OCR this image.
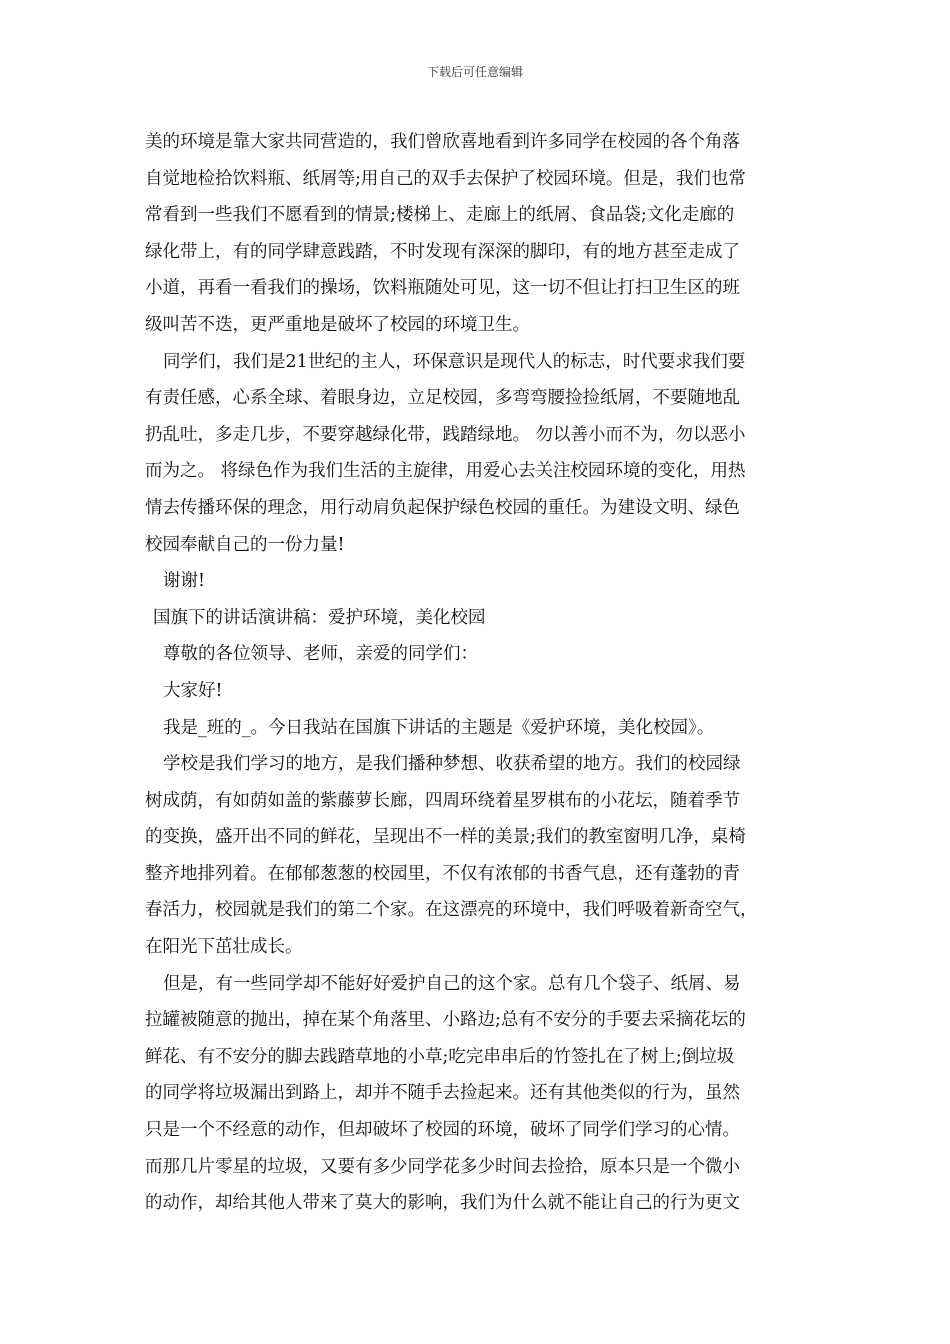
下载后可任意编辑
美的环境是靠大家共同营造的，我们曾欣喜地看到许多同学在校园的各个角落
自觉地检拾饮料瓶、纸屑等;用自己的双手去保护了校园环境。但是，我们也常
常看到一些我们不愿看到的情景;楼梯上、走廊上的纸屑、食品袋;文化走廊的
绿化带上，有的同学肆意践踏，不时发现有深深的脚印，有的地方甚至走成了
小道，再看一看我们的操场，饮料瓶随处可见，这一切不但让打扫卫生区的班
级叫苦不迭，更严重地是破坏了校园的环境卫生。
同学们，我们是21世纪的主人，环保意识是现代人的标志，时代要求我们要
有责任感，心系全球、着眼身边，立足校园，多弯弯腰捡捡纸屑，不要随地乱
扔乱吐，多走几步，不要穿越绿化带，践踏绿地。 勿以善小而不为，勿以恶小
而为之。 将绿色作为我们生活的主旋律，用爱心去关注校园环境的变化，用热
情去传播环保的理念，用行动肩负起保护绿色校园的重任。为建设文明、绿色
校园奉献自己的一份力量!
谢谢!
国旗下的讲话演讲稿：爱护环境，美化校园
尊敬的各位领导、老师，亲爱的同学们：
大家好!
我是_班的_。今日我站在国旗下讲话的主题是《爱护环境，美化校园》。
学校是我们学习的地方，是我们播种梦想、收获希望的地方。我们的校园绿
树成荫，有如荫如盖的紫藤萝长廊，四周环绕着星罗棋布的小花坛，随着季节
的变换，盛开出不同的鲜花，呈现出不一样的美景;我们的教室窗明几净，桌椅
整齐地排列着。在郁郁葱葱的校园里，不仅有浓郁的书香气息，还有蓬勃的青
春活力，校园就是我们的第二个家。在这漂亮的环境中，我们呼吸着新奇空气，
在阳光下茁壮成长。
但是，有一些同学却不能好好爱护自己的这个家。总有几个袋子、纸屑、易
拉罐被随意的抛出，掉在某个角落里、小路边;总有不安分的手要去采摘花坛的
鲜花、有不安分的脚去践踏草地的小草;吃完串串后的竹签扎在了树上;倒垃圾
的同学将垃圾漏出到路上，却并不随手去捡起来。还有其他类似的行为，虽然
只是一个不经意的动作，但却破坏了校园的环境，破坏了同学们学习的心情。
而那几片零星的垃圾，又要有多少同学花多少时间去捡拾，原本只是一个微小
的动作，却给其他人带来了莫大的影响，我们为什么就不能让自己的行为更文
